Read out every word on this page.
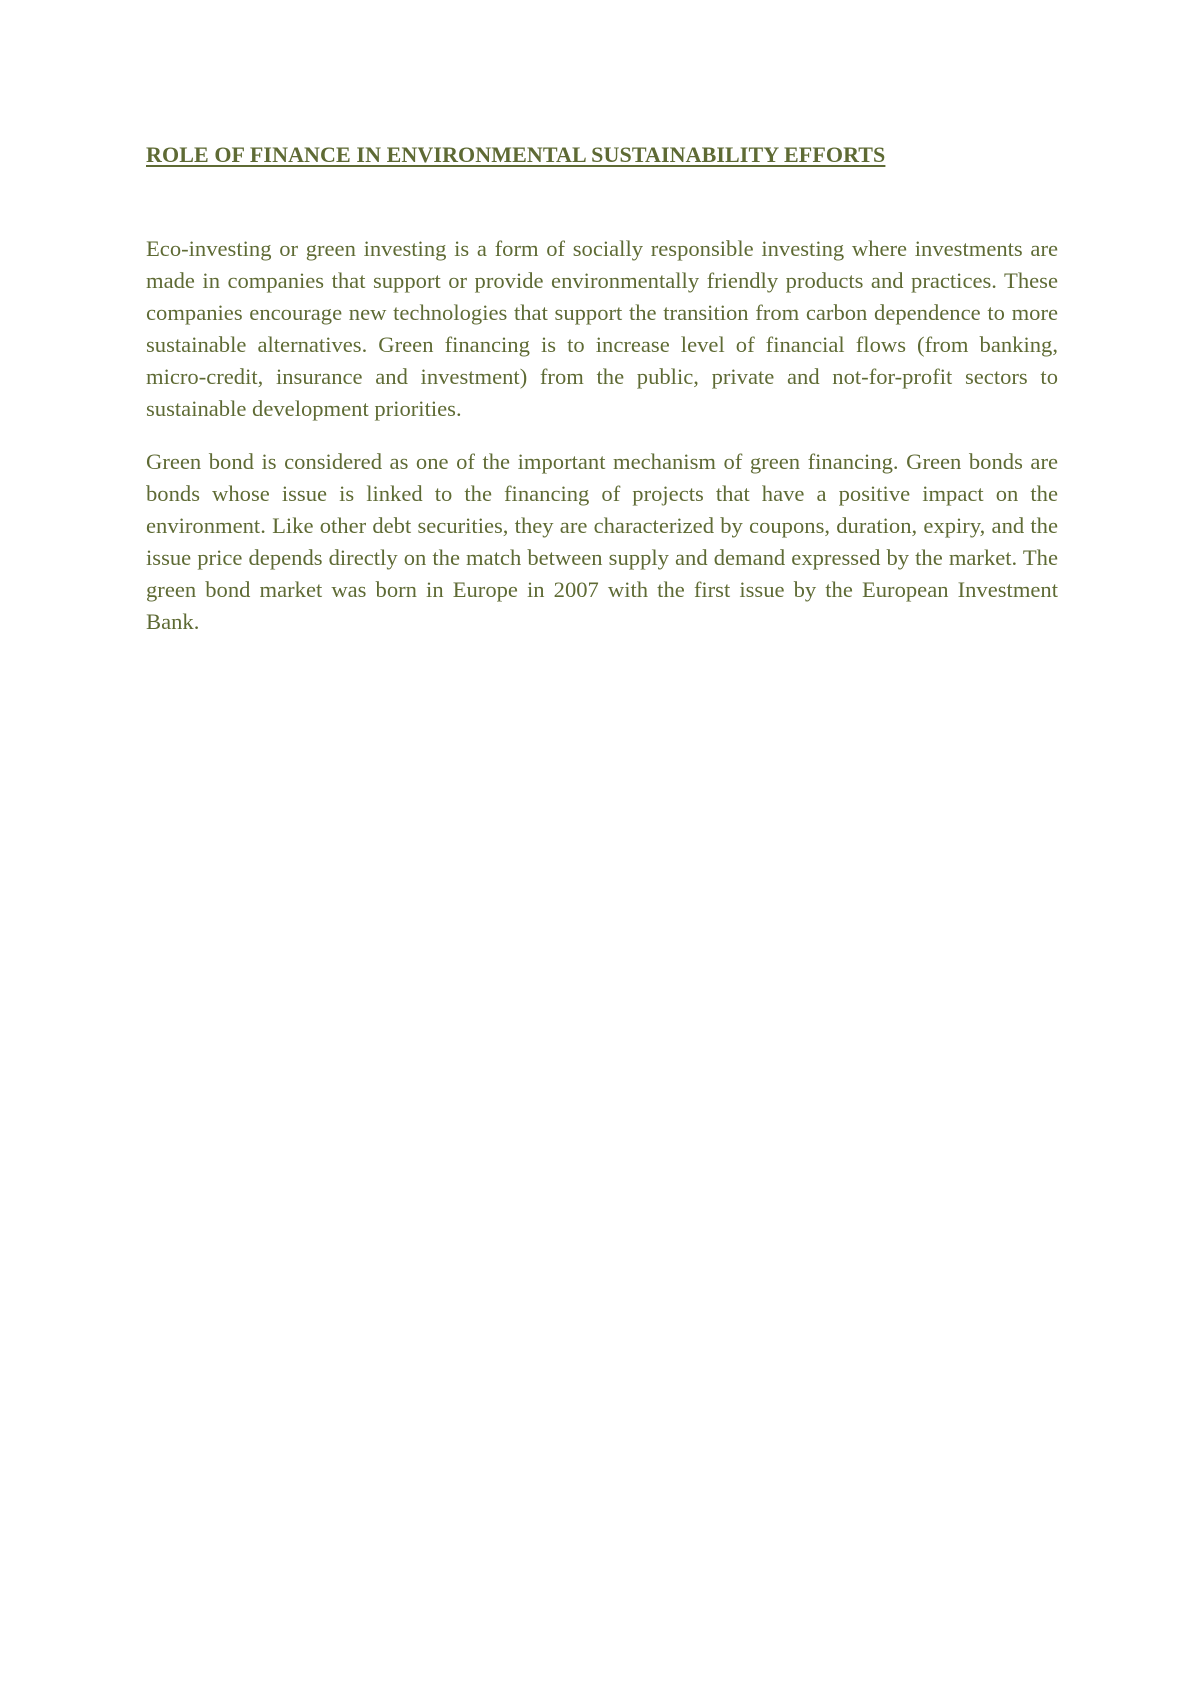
ROLE OF FINANCE IN ENVIRONMENTAL SUSTAINABILITY EFFORTS

Eco-investing or green investing is a form of socially responsible investing where investments are made in companies that support or provide environmentally friendly products and practices. These companies encourage new technologies that support the transition from carbon dependence to more sustainable alternatives. Green financing is to increase level of financial flows (from banking, micro-credit, insurance and investment) from the public, private and not-for-profit sectors to sustainable development priorities.

Green bond is considered as one of the important mechanism of green financing. Green bonds are bonds whose issue is linked to the financing of projects that have a positive impact on the environment. Like other debt securities, they are characterized by coupons, duration, expiry, and the issue price depends directly on the match between supply and demand expressed by the market. The green bond market was born in Europe in 2007 with the first issue by the European Investment Bank.
